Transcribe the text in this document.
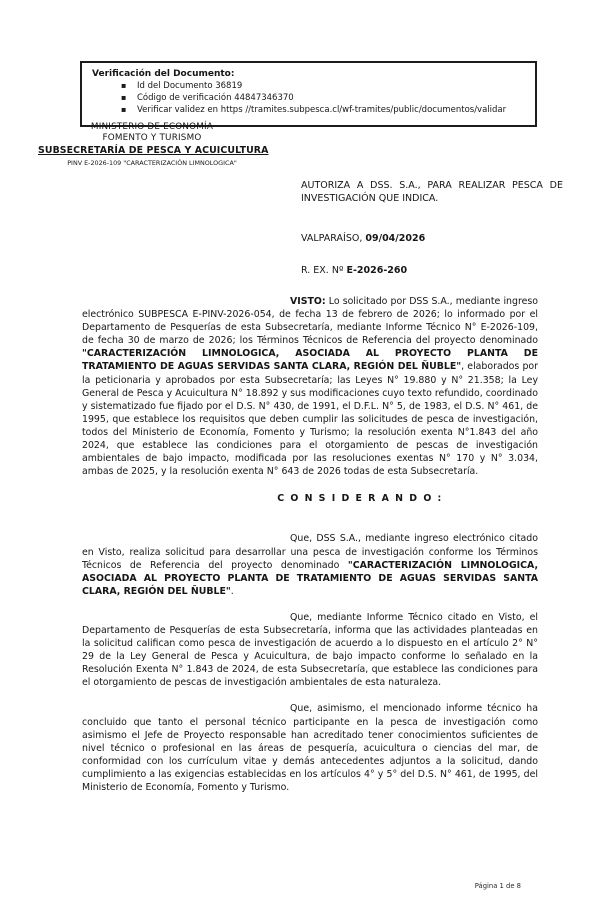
Verificación del Documento:
▪ Id del Documento 36819
▪ Código de verificación 44847346370
▪ Verificar validez en https //tramites.subpesca.cl/wf-tramites/public/documentos/validar
MINISTERIO DE ECONOMÍA
FOMENTO Y TURISMO
SUBSECRETARÍA DE PESCA Y ACUICULTURA
PINV E-2026-109 "CARACTERIZACIÓN LIMNOLOGICA"
AUTORIZA A DSS. S.A., PARA REALIZAR PESCA DE INVESTIGACIÓN QUE INDICA.
VALPARAÍSO, 09/04/2026
R. EX. Nº E-2026-260

VISTO: Lo solicitado por DSS S.A., mediante ingreso electrónico SUBPESCA E-PINV-2026-054, de fecha 13 de febrero de 2026; lo informado por el Departamento de Pesquerías de esta Subsecretaría, mediante Informe Técnico N° E-2026-109, de fecha 30 de marzo de 2026; los Términos Técnicos de Referencia del proyecto denominado "CARACTERIZACIÓN LIMNOLOGICA, ASOCIADA AL PROYECTO PLANTA DE TRATAMIENTO DE AGUAS SERVIDAS SANTA CLARA, REGIÓN DEL ÑUBLE", elaborados por la peticionaria y aprobados por esta Subsecretaría; las Leyes N° 19.880 y N° 21.358; la Ley General de Pesca y Acuicultura N° 18.892 y sus modificaciones cuyo texto refundido, coordinado y sistematizado fue fijado por el D.S. N° 430, de 1991, el D.F.L. N° 5, de 1983, el D.S. N° 461, de 1995, que establece los requisitos que deben cumplir las solicitudes de pesca de investigación, todos del Ministerio de Economía, Fomento y Turismo; la resolución exenta N°1.843 del año 2024, que establece las condiciones para el otorgamiento de pescas de investigación ambientales de bajo impacto, modificada por las resoluciones exentas N° 170 y N° 3.034, ambas de 2025, y la resolución exenta N° 643 de 2026 todas de esta Subsecretaría.

C O N S I D E R A N D O :

Que, DSS S.A., mediante ingreso electrónico citado en Visto, realiza solicitud para desarrollar una pesca de investigación conforme los Términos Técnicos de Referencia del proyecto denominado "CARACTERIZACIÓN LIMNOLOGICA, ASOCIADA AL PROYECTO PLANTA DE TRATAMIENTO DE AGUAS SERVIDAS SANTA CLARA, REGIÓN DEL ÑUBLE".

Que, mediante Informe Técnico citado en Visto, el Departamento de Pesquerías de esta Subsecretaría, informa que las actividades planteadas en la solicitud califican como pesca de investigación de acuerdo a lo dispuesto en el artículo 2° N° 29 de la Ley General de Pesca y Acuicultura, de bajo impacto conforme lo señalado en la Resolución Exenta N° 1.843 de 2024, de esta Subsecretaría, que establece las condiciones para el otorgamiento de pescas de investigación ambientales de esta naturaleza.

Que, asimismo, el mencionado informe técnico ha concluido que tanto el personal técnico participante en la pesca de investigación como asimismo el Jefe de Proyecto responsable han acreditado tener conocimientos suficientes de nivel técnico o profesional en las áreas de pesquería, acuicultura o ciencias del mar, de conformidad con los currículum vitae y demás antecedentes adjuntos a la solicitud, dando cumplimiento a las exigencias establecidas en los artículos 4° y 5° del D.S. N° 461, de 1995, del Ministerio de Economía, Fomento y Turismo.

Página 1 de 8
